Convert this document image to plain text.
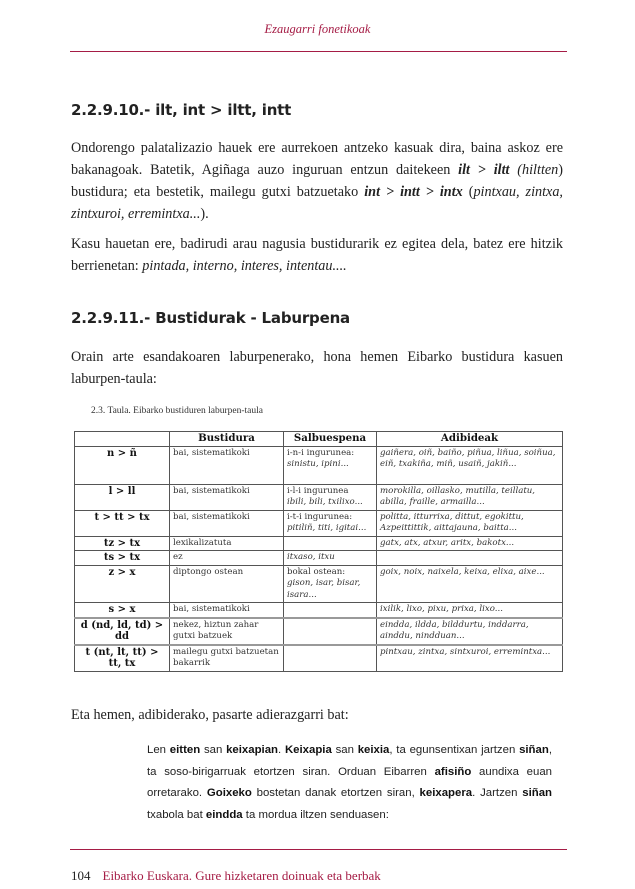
Ezaugarri fonetikoak
2.2.9.10.- ilt, int > iltt, intt

Ondorengo palatalizazio hauek ere aurrekoen antzeko kasuak dira, baina askoz ere bakanagoak. Batetik, Agiñaga auzo inguruan entzun daitekeen ilt > iltt (hiltten) bustidura; eta bestetik, mailegu gutxi batzuetako int > intt > intx (pintxau, zintxa, zintxuroi, erremintxa...).

Kasu hauetan ere, badirudi arau nagusia bustidurarik ez egitea dela, batez ere hitzik berrienetan: pintada, interno, interes, intentau....

2.2.9.11.- Bustidurak - Laburpena

Orain arte esandakoaren laburpenerako, hona hemen Eibarko bustidura kasuen laburpen-taula:

2.3. Taula. Eibarko bustiduren laburpen-taula
	Bustidura	Salbuespena	Adibideak
n > ñ	bai, sistematikoki	i-n-i ingurunea:
sinistu, ipini...	gaiñera, oiñ, baiño, piñua, liñua, soiñua, eiñ, txakiña, miñ, usaiñ, jakiñ...
l > ll	bai, sistematikoki	i-l-i ingurunea
ibili, bili, txilixo...	morokilla, oillasko, mutilla, teillatu, abilla, fraille, armailla...
t > tt > tx	bai, sistematikoki	i-t-i ingurunea:
pitiliñ, titi, igitai...	politta, itturrixa, dittut, egokittu, Azpeittittik, aittajauna, baitta...
tz > tx	lexikalizatuta		gatx, atx, atxur, aritx, bakotx...
ts > tx	ez	itxaso, itxu	
z > x	diptongo ostean	bokal ostean:
gison, isar, bisar, isara...	goix, noix, naixela, keixa, elixa, aixe...
s > x	bai, sistematikoki		ixilik, lixo, pixu, prixa, lixo...
d (nd, ld, td) > dd	nekez, hiztun zahar gutxi batzuek		eindda, ildda, bilddurtu, inddarra, ainddu, nindduan...
t (nt, lt, tt) > tt, tx	mailegu gutxi batzuetan bakarrik		pintxau, zintxa, sintxuroi, erremintxa...

Eta hemen, adibiderako, pasarte adierazgarri bat:

Len eitten san keixapian. Keixapia san keixia, ta egunsentixan jartzen siñan, ta soso-birigarruak etortzen siran. Orduan Eibarren afisiño aundixa euan orretarako. Goixeko bostetan danak etortzen siran, keixapera. Jartzen siñan txabola bat eindda ta mordua iltzen senduasen:

104 Eibarko Euskara. Gure hizketaren doinuak eta berbak
